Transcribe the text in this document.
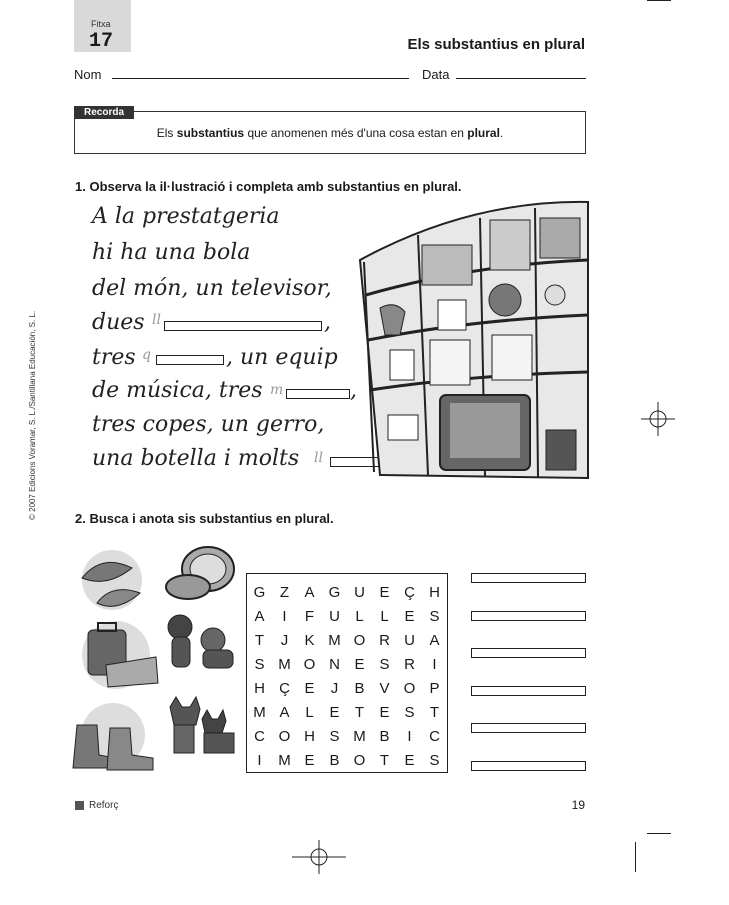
Fitxa
17	Els substantius en plural
Nom	Data
Recorda
Els substantius que anomenen més d'una cosa estan en plural.
© 2007 Edicions Voramar, S. L./Santillana Educación, S. L.
1. Observa la il·lustració i completa amb substantius en plural.
A la prestatgeria
hi ha una bola
del món, un televisor,
dues ll	,
tres q	, un equip
de música, tres m	,
tres copes, un gerro,
una botella i molts ll
2. Busca i anota sis substantius en plural.
G Z	A G U E Ç H
A	I	F	U	L	L	E S
T	J	K M O R U A
S M O N E S R	I
H Ç E	J	B V O P
M A	L	E	T	E S	T
C O H S M B	I	C
I	M E B O T	E S
Reforç	19
